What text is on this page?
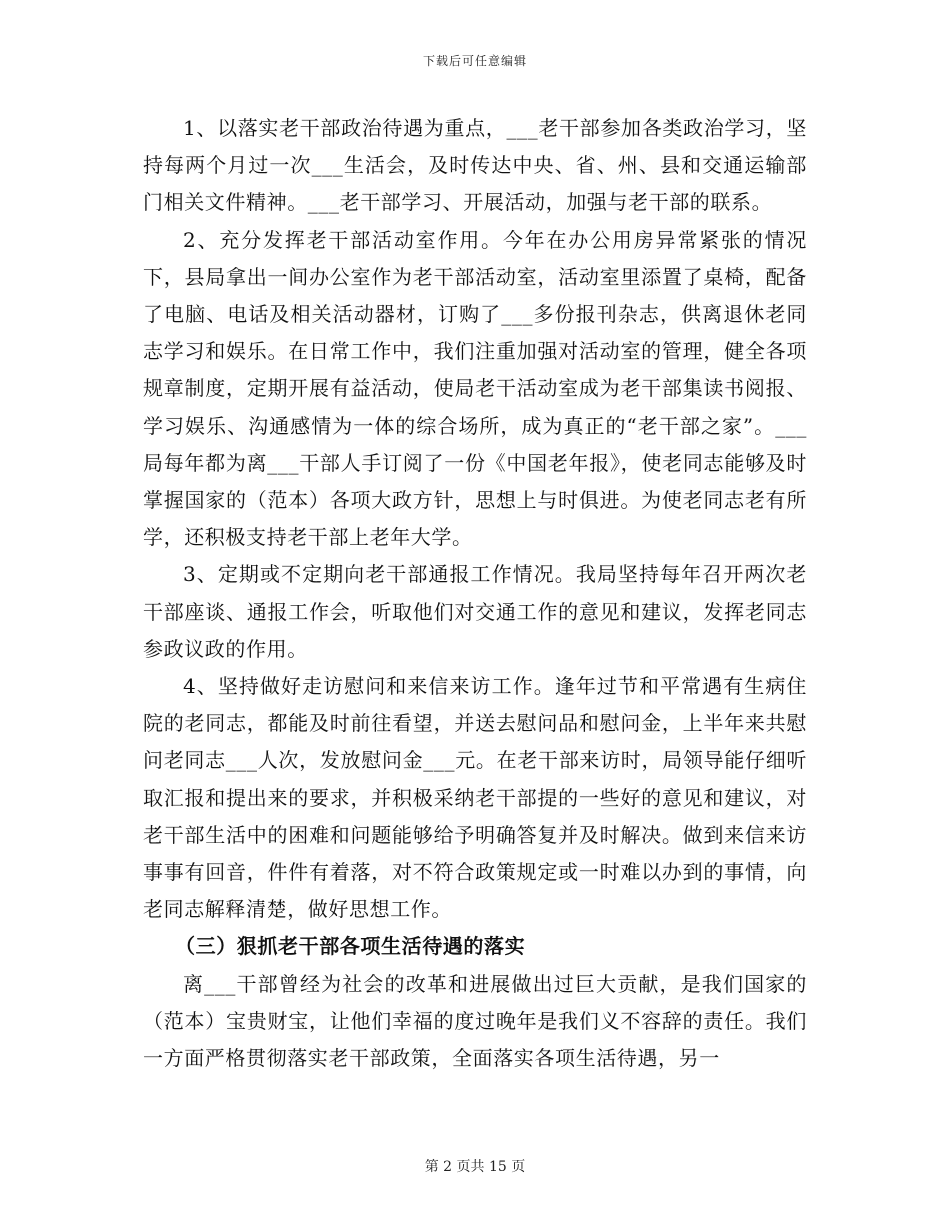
下载后可任意编辑

1、以落实老干部政治待遇为重点，___老干部参加各类政治学习，坚持每两个月过一次___生活会，及时传达中央、省、州、县和交通运输部门相关文件精神。___老干部学习、开展活动，加强与老干部的联系。

2、充分发挥老干部活动室作用。今年在办公用房异常紧张的情况下，县局拿出一间办公室作为老干部活动室，活动室里添置了桌椅，配备了电脑、电话及相关活动器材，订购了___多份报刊杂志，供离退休老同志学习和娱乐。在日常工作中，我们注重加强对活动室的管理，健全各项规章制度，定期开展有益活动，使局老干活动室成为老干部集读书阅报、学习娱乐、沟通感情为一体的综合场所，成为真正的“老干部之家”。___局每年都为离___干部人手订阅了一份《中国老年报》，使老同志能够及时掌握国家的（范本）各项大政方针，思想上与时俱进。为使老同志老有所学，还积极支持老干部上老年大学。

3、定期或不定期向老干部通报工作情况。我局坚持每年召开两次老干部座谈、通报工作会，听取他们对交通工作的意见和建议，发挥老同志参政议政的作用。

4、坚持做好走访慰问和来信来访工作。逢年过节和平常遇有生病住院的老同志，都能及时前往看望，并送去慰问品和慰问金，上半年来共慰问老同志___人次，发放慰问金___元。在老干部来访时，局领导能仔细听取汇报和提出来的要求，并积极采纳老干部提的一些好的意见和建议，对老干部生活中的困难和问题能够给予明确答复并及时解决。做到来信来访事事有回音，件件有着落，对不符合政策规定或一时难以办到的事情，向老同志解释清楚，做好思想工作。

（三）狠抓老干部各项生活待遇的落实

离___干部曾经为社会的改革和进展做出过巨大贡献，是我们国家的（范本）宝贵财宝，让他们幸福的度过晚年是我们义不容辞的责任。我们一方面严格贯彻落实老干部政策，全面落实各项生活待遇，另一

第 2 页共 15 页
